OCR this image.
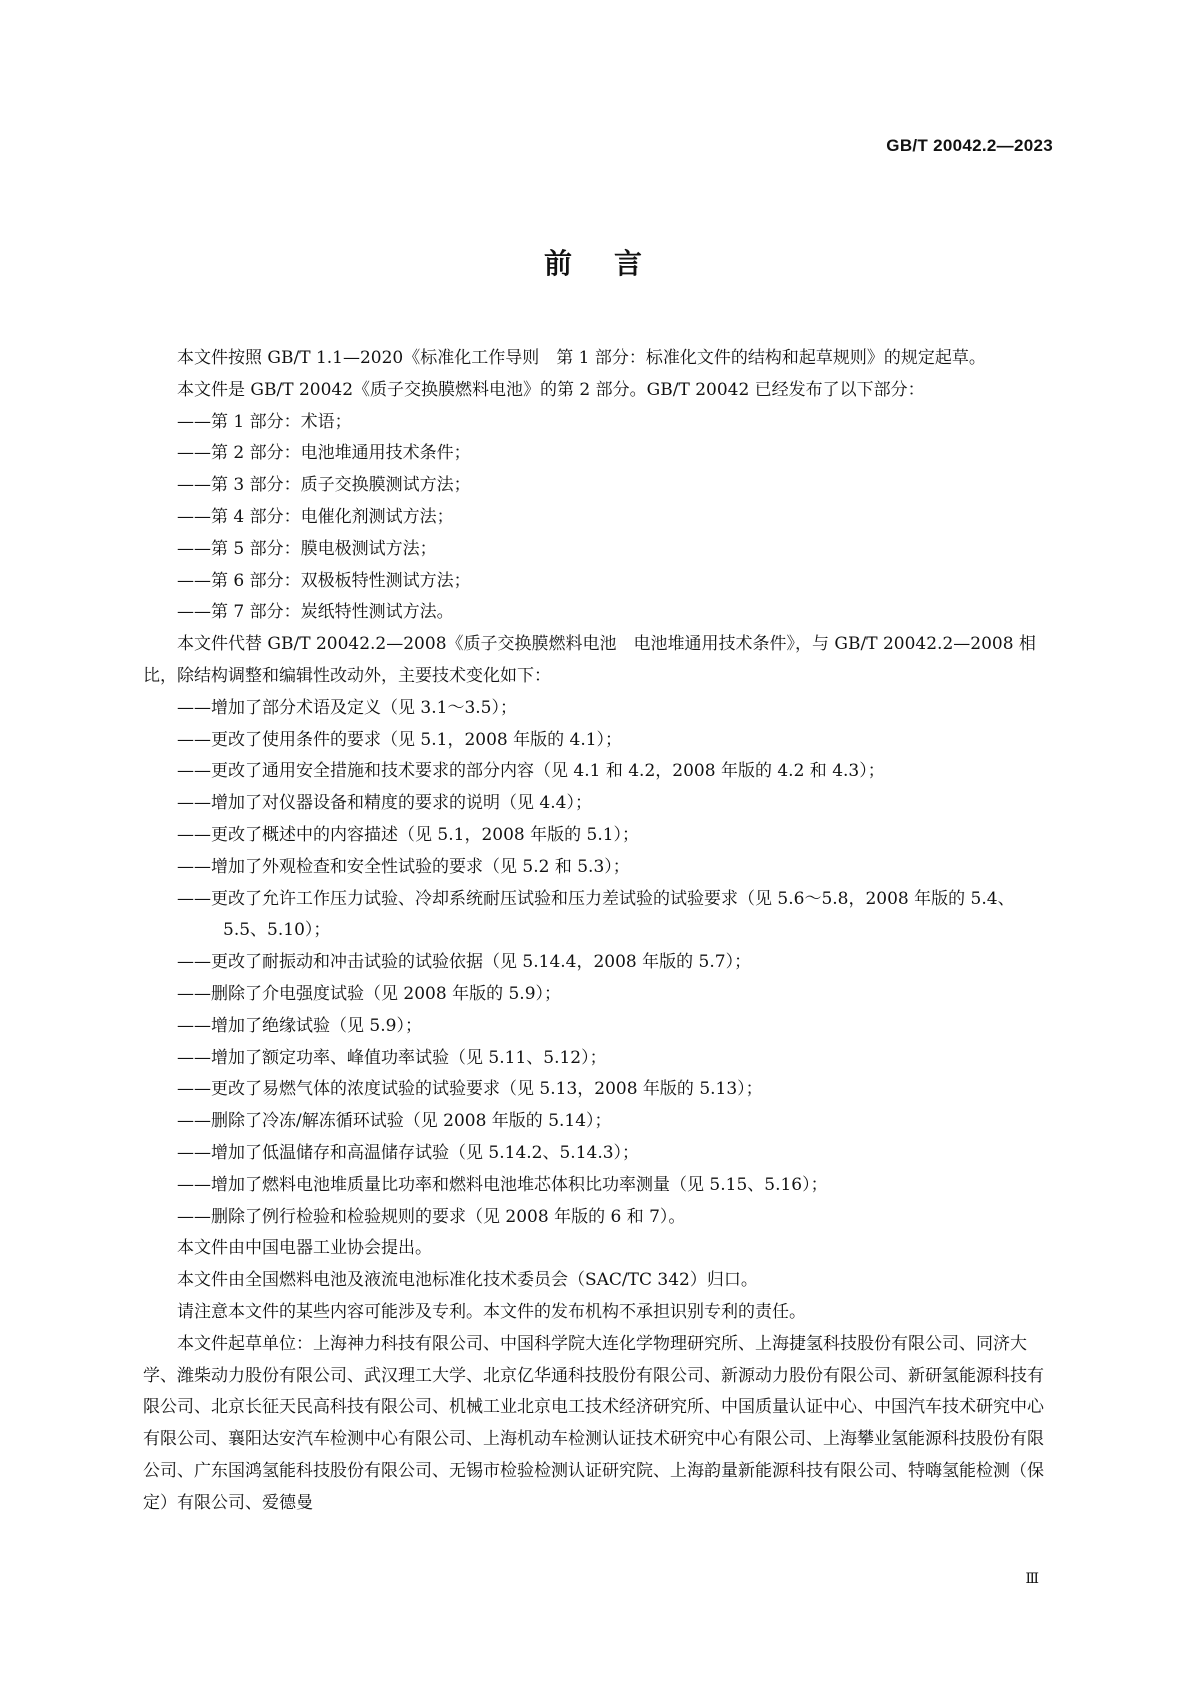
GB/T 20042.2—2023
前言

本文件按照 GB/T 1.1—2020《标准化工作导则　第 1 部分：标准化文件的结构和起草规则》的规定起草。

本文件是 GB/T 20042《质子交换膜燃料电池》的第 2 部分。GB/T 20042 已经发布了以下部分：

——第 1 部分：术语；

——第 2 部分：电池堆通用技术条件；

——第 3 部分：质子交换膜测试方法；

——第 4 部分：电催化剂测试方法；

——第 5 部分：膜电极测试方法；

——第 6 部分：双极板特性测试方法；

——第 7 部分：炭纸特性测试方法。

本文件代替 GB/T 20042.2—2008《质子交换膜燃料电池　电池堆通用技术条件》，与 GB/T 20042.2—2008 相比，除结构调整和编辑性改动外，主要技术变化如下：

——增加了部分术语及定义（见 3.1～3.5）；

——更改了使用条件的要求（见 5.1，2008 年版的 4.1）；

——更改了通用安全措施和技术要求的部分内容（见 4.1 和 4.2，2008 年版的 4.2 和 4.3）；

——增加了对仪器设备和精度的要求的说明（见 4.4）；

——更改了概述中的内容描述（见 5.1，2008 年版的 5.1）；

——增加了外观检查和安全性试验的要求（见 5.2 和 5.3）；

——更改了允许工作压力试验、冷却系统耐压试验和压力差试验的试验要求（见 5.6～5.8，2008 年版的 5.4、5.5、5.10）；

——更改了耐振动和冲击试验的试验依据（见 5.14.4，2008 年版的 5.7）；

——删除了介电强度试验（见 2008 年版的 5.9）；

——增加了绝缘试验（见 5.9）；

——增加了额定功率、峰值功率试验（见 5.11、5.12）；

——更改了易燃气体的浓度试验的试验要求（见 5.13，2008 年版的 5.13）；

——删除了冷冻/解冻循环试验（见 2008 年版的 5.14）；

——增加了低温储存和高温储存试验（见 5.14.2、5.14.3）；

——增加了燃料电池堆质量比功率和燃料电池堆芯体积比功率测量（见 5.15、5.16）；

——删除了例行检验和检验规则的要求（见 2008 年版的 6 和 7）。

本文件由中国电器工业协会提出。

本文件由全国燃料电池及液流电池标准化技术委员会（SAC/TC 342）归口。

请注意本文件的某些内容可能涉及专利。本文件的发布机构不承担识别专利的责任。

本文件起草单位：上海神力科技有限公司、中国科学院大连化学物理研究所、上海捷氢科技股份有限公司、同济大学、潍柴动力股份有限公司、武汉理工大学、北京亿华通科技股份有限公司、新源动力股份有限公司、新研氢能源科技有限公司、北京长征天民高科技有限公司、机械工业北京电工技术经济研究所、中国质量认证中心、中国汽车技术研究中心有限公司、襄阳达安汽车检测中心有限公司、上海机动车检测认证技术研究中心有限公司、上海攀业氢能源科技股份有限公司、广东国鸿氢能科技股份有限公司、无锡市检验检测认证研究院、上海韵量新能源科技有限公司、特嗨氢能检测（保定）有限公司、爱德曼

Ⅲ
